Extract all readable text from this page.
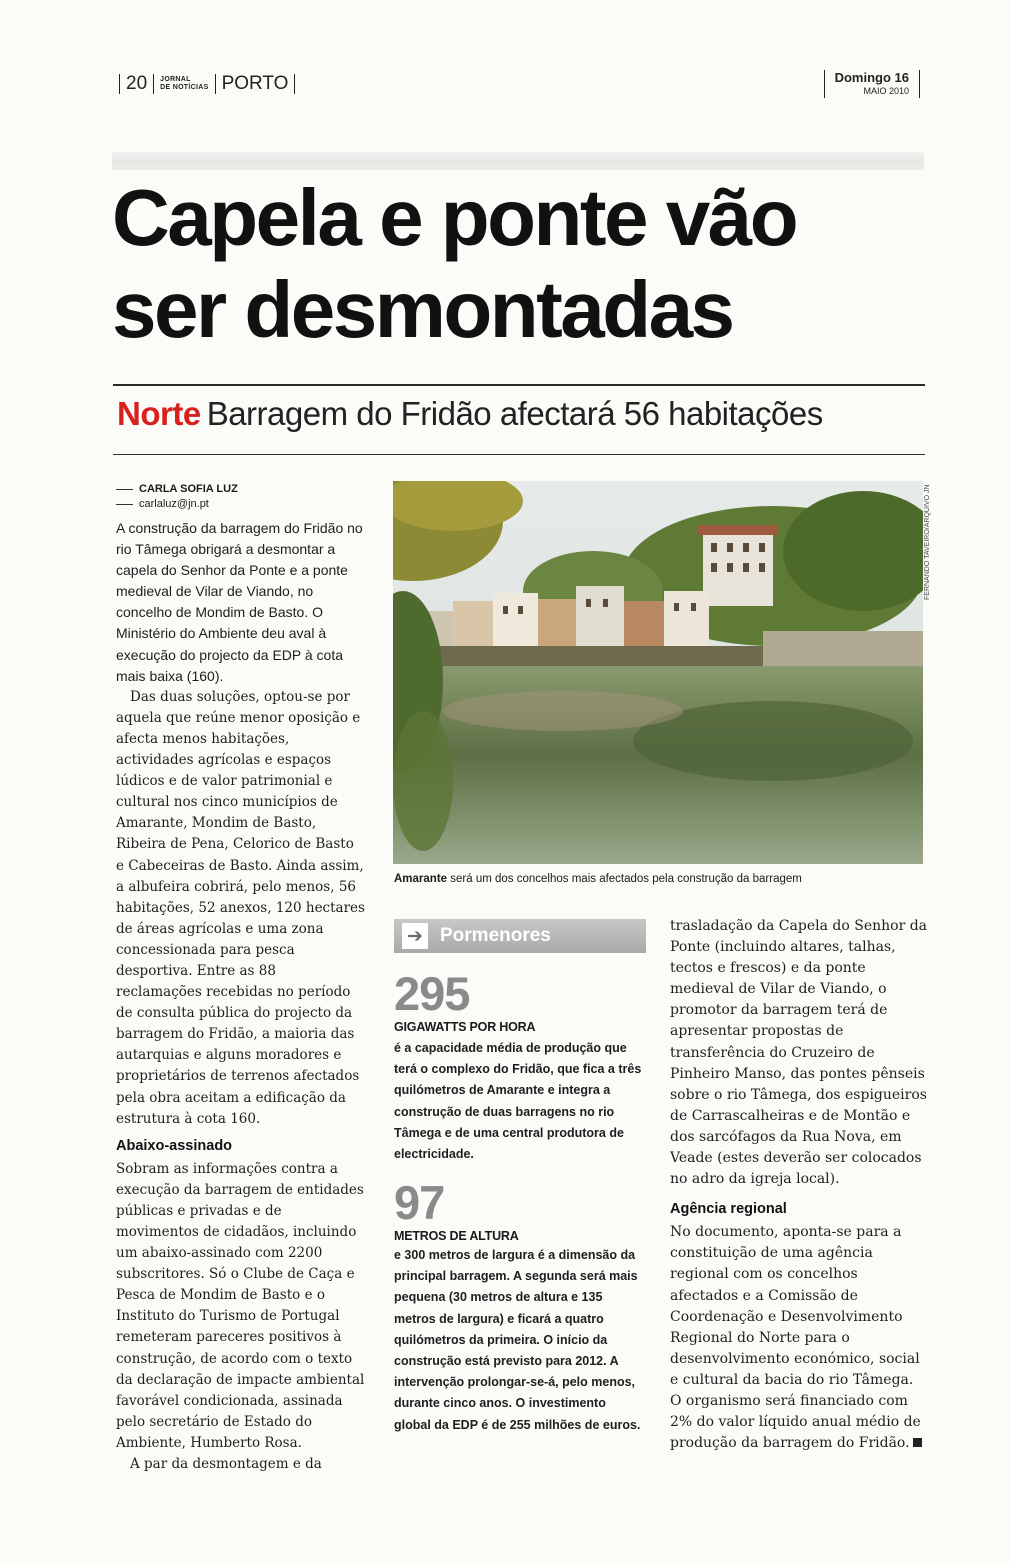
20 JORNAL
DE NOTÍCIAS PORTO	Domingo 16
MAIO 2010
Capela e ponte vão
ser desmontadas
Norte Barragem do Fridão afectará 56 habitações
CARLA SOFIA LUZ
carlaluz@jn.pt

A construção da barragem do Fridão no rio Tâmega obrigará a desmontar a capela do Senhor da Ponte e a ponte medieval de Vilar de Viando, no concelho de Mondim de Basto. O Ministério do Ambiente deu aval à execução do projecto da EDP à cota mais baixa (160).

Das duas soluções, optou-se por aquela que reúne menor oposição e afecta menos habitações, actividades agrícolas e espaços lúdicos e de valor patrimonial e cultural nos cinco municípios de Amarante, Mondim de Basto, Ribeira de Pena, Celorico de Basto e Cabeceiras de Basto. Ainda assim, a albufeira cobrirá, pelo menos, 56 habitações, 52 anexos, 120 hectares de áreas agrícolas e uma zona concessionada para pesca desportiva. Entre as 88 reclamações recebidas no período de consulta pública do projecto da barragem do Fridão, a maioria das autarquias e alguns moradores e proprietários de terrenos afectados pela obra aceitam a edificação da estrutura à cota 160.

Abaixo-assinado

Sobram as informações contra a execução da barragem de entidades públicas e privadas e de movimentos de cidadãos, incluindo um abaixo-assinado com 2200 subscritores. Só o Clube de Caça e Pesca de Mondim de Basto e o Instituto do Turismo de Portugal remeteram pareceres positivos à construção, de acordo com o texto da declaração de impacte ambiental favorável condicionada, assinada pelo secretário de Estado do Ambiente, Humberto Rosa.

A par da desmontagem e da

FERNANDO TAVEIRO/ARQUIVO JN
Amarante será um dos concelhos mais afectados pela construção da barragem
➔ Pormenores
295
GIGAWATTS POR HORA
é a capacidade média de produção que terá o complexo do Fridão, que fica a três quilómetros de Amarante e integra a construção de duas barragens no rio Tâmega e de uma central produtora de electricidade.
97
METROS DE ALTURA
e 300 metros de largura é a dimensão da principal barragem. A segunda será mais pequena (30 metros de altura e 135 metros de largura) e ficará a quatro quilómetros da primeira. O início da construção está previsto para 2012. A intervenção prolongar-se-á, pelo menos, durante cinco anos. O investimento global da EDP é de 255 milhões de euros.

trasladação da Capela do Senhor da Ponte (incluindo altares, talhas, tectos e frescos) e da ponte medieval de Vilar de Viando, o promotor da barragem terá de apresentar propostas de transferência do Cruzeiro de Pinheiro Manso, das pontes pênseis sobre o rio Tâmega, dos espigueiros de Carrascalheiras e de Montão e dos sarcófagos da Rua Nova, em Veade (estes deverão ser colocados no adro da igreja local).

Agência regional

No documento, aponta-se para a constituição de uma agência regional com os concelhos afectados e a Comissão de Coordenação e Desenvolvimento Regional do Norte para o desenvolvimento económico, social e cultural da bacia do rio Tâmega. O organismo será financiado com 2% do valor líquido anual médio de produção da barragem do Fridão.
